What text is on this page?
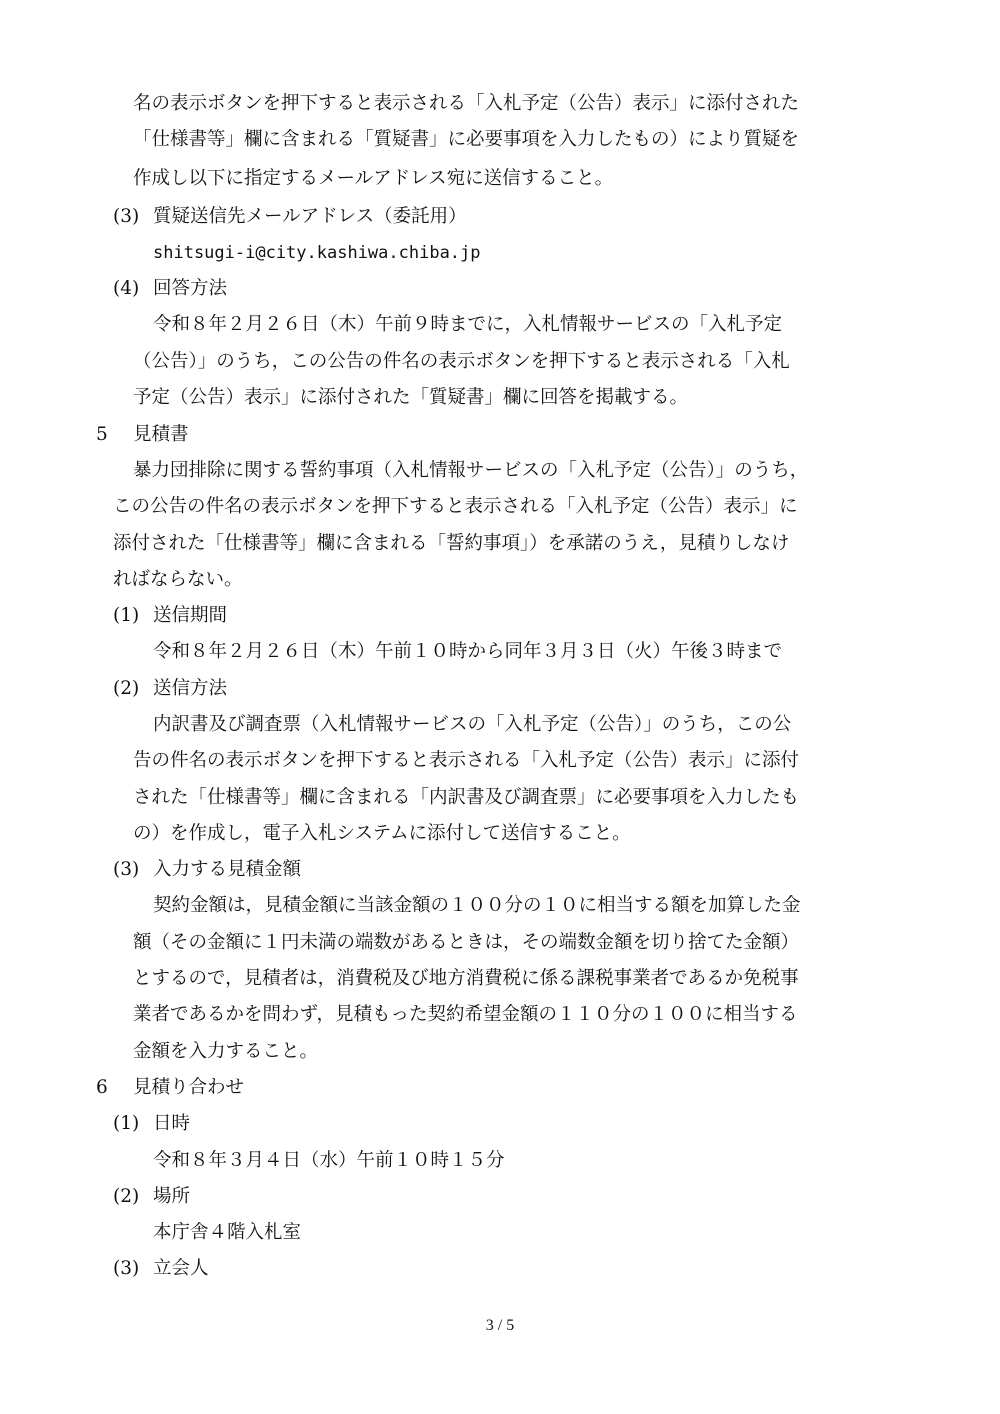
名の表示ボタンを押下すると表示される「入札予定（公告）表示」に添付された
「仕様書等」欄に含まれる「質疑書」に必要事項を入力したもの）により質疑を
作成し以下に指定するメールアドレス宛に送信すること。
(3) 質疑送信先メールアドレス（委託用）
shitsugi-i@city.kashiwa.chiba.jp
(4) 回答方法
令和８年２月２６日（木）午前９時までに，入札情報サービスの「入札予定
（公告）」のうち，この公告の件名の表示ボタンを押下すると表示される「入札
予定（公告）表示」に添付された「質疑書」欄に回答を掲載する。
5 見積書
暴力団排除に関する誓約事項（入札情報サービスの「入札予定（公告）」のうち，
この公告の件名の表示ボタンを押下すると表示される「入札予定（公告）表示」に
添付された「仕様書等」欄に含まれる「誓約事項」）を承諾のうえ，見積りしなけ
ればならない。
(1) 送信期間
令和８年２月２６日（木）午前１０時から同年３月３日（火）午後３時まで
(2) 送信方法
内訳書及び調査票（入札情報サービスの「入札予定（公告）」のうち，この公
告の件名の表示ボタンを押下すると表示される「入札予定（公告）表示」に添付
された「仕様書等」欄に含まれる「内訳書及び調査票」に必要事項を入力したも
の）を作成し，電子入札システムに添付して送信すること。
(3) 入力する見積金額
契約金額は，見積金額に当該金額の１００分の１０に相当する額を加算した金
額（その金額に１円未満の端数があるときは，その端数金額を切り捨てた金額）
とするので，見積者は，消費税及び地方消費税に係る課税事業者であるか免税事
業者であるかを問わず，見積もった契約希望金額の１１０分の１００に相当する
金額を入力すること。
6 見積り合わせ
(1) 日時
令和８年３月４日（水）午前１０時１５分
(2) 場所
本庁舎４階入札室
(3) 立会人
3 / 5
